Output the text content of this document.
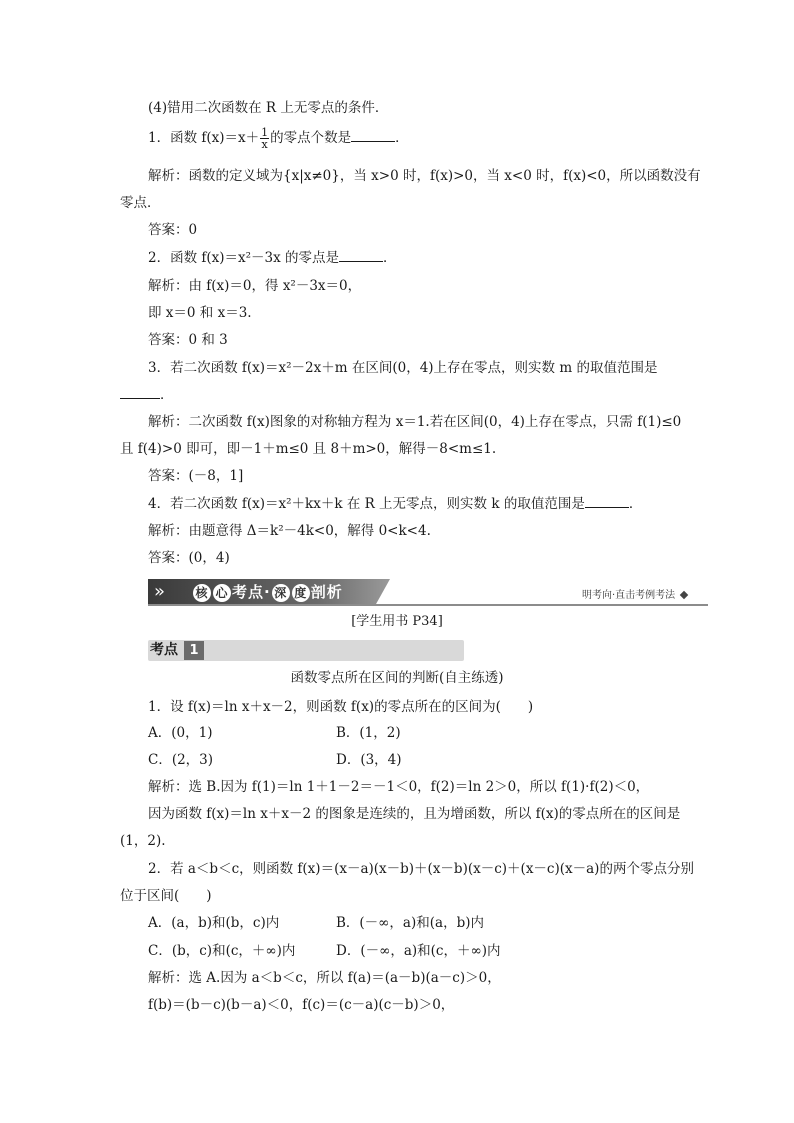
(4)错用二次函数在 R 上无零点的条件．
1．函数 $f(x)=x+ \frac{1}{x}$ 的零点个数是	．
解析：函数的定义域为{x|x≠0}，当 x>0 时，f(x)>0，当 x<0 时，f(x)<0，所以函数没有
零点．
答案：0
2．函数 f(x)＝x²－3x 的零点是	．
解析：由 f(x)＝0，得 x²－3x＝0，
即 x＝0 和 x＝3.
答案：0 和 3
3．若二次函数 f(x)＝x²－2x＋m 在区间(0，4)上存在零点，则实数 m 的取值范围是
．
解析：二次函数 f(x)图象的对称轴方程为 x＝1.若在区间(0，4)上存在零点，只需 f(1)≤0
且 f(4)>0 即可，即－1＋m≤0 且 8＋m>0，解得－8<m≤1.
答案：(－8，1]
4．若二次函数 f(x)＝x²＋kx＋k 在 R 上无零点，则实数 k 的取值范围是	．
解析：由题意得 Δ＝k²－4k<0，解得 0<k<4.
答案：(0，4)
»	核 心 考点· 深 度 剖析	明考向·直击考例考法
[学生用书 P34]
考点 1
函数零点所在区间的判断(自主练透)
1．设 f(x)＝ln x＋x－2，则函数 f(x)的零点所在的区间为(　　)
A．(0，1)	B．(1，2)
C．(2，3)	D．(3，4)
解析：选 B.因为 f(1)＝ln 1＋1－2＝－1＜0，f(2)＝ln 2＞0，所以 f(1)·f(2)＜0，
因为函数 f(x)＝ln x＋x－2 的图象是连续的，且为增函数，所以 f(x)的零点所在的区间是
(1，2).
2．若 a＜b＜c，则函数 f(x)＝(x－a)(x－b)＋(x－b)(x－c)＋(x－c)(x－a)的两个零点分别
位于区间(　　)
A．(a，b)和(b，c)内	B．(－∞，a)和(a，b)内
C．(b，c)和(c，＋∞)内	D．(－∞，a)和(c，＋∞)内
解析：选 A.因为 a＜b＜c，所以 f(a)＝(a－b)(a－c)＞0，
f(b)＝(b－c)(b－a)＜0，f(c)＝(c－a)(c－b)＞0，
